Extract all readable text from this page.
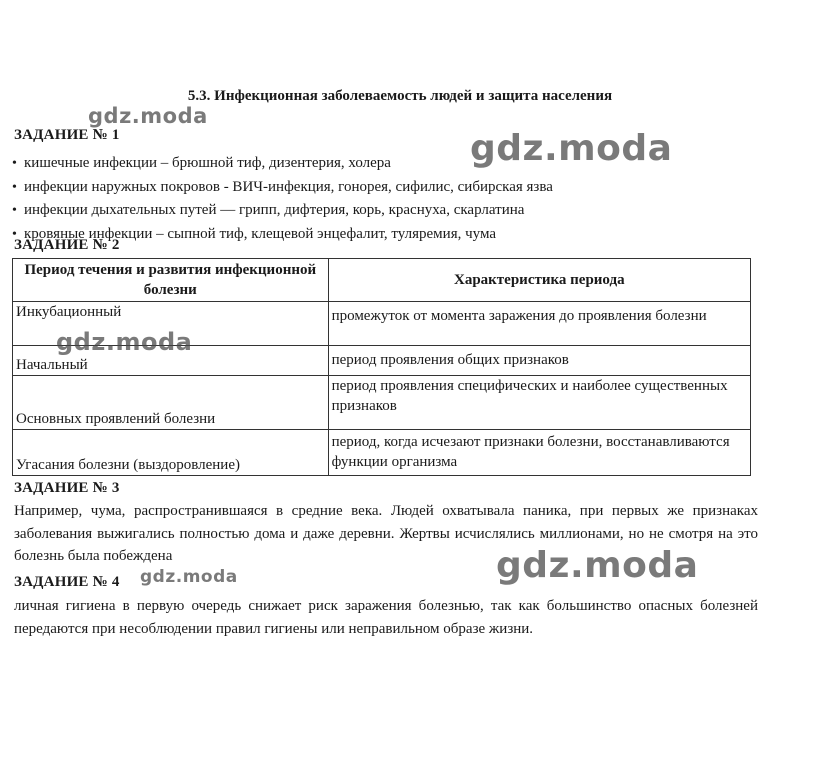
5.3. Инфекционная заболеваемость людей и защита населения
ЗАДАНИЕ № 1
• кишечные инфекции – брюшной тиф, дизентерия, холера
• инфекции наружных покровов - ВИЧ-инфекция, гонорея, сифилис, сибирская язва
• инфекции дыхательных путей — грипп, дифтерия, корь, краснуха, скарлатина
• кровяные инфекции – сыпной тиф, клещевой энцефалит, туляремия, чума
ЗАДАНИЕ № 2
Период течения и развития инфекционной болезни	Характеристика периода
Инкубационный	промежуток от момента заражения до проявления болезни
Начальный	период проявления общих признаков
Основных проявлений болезни	период проявления специфических и наиболее существенных признаков
Угасания болезни (выздоровление)	период, когда исчезают признаки болезни, восстанавливаются функции организма
ЗАДАНИЕ № 3
Например, чума, распространившаяся в средние века. Людей охватывала паника, при первых же признаках заболевания выжигались полностью дома и даже деревни. Жертвы исчислялись миллионами, но не смотря на это болезнь была побеждена
ЗАДАНИЕ № 4
личная гигиена в первую очередь снижает риск заражения болезнью, так как большинство опасных болезней передаются при несоблюдении правил гигиены или неправильном образе жизни.
gdz.moda
gdz.moda
gdz.moda
gdz.moda	gdz.moda
